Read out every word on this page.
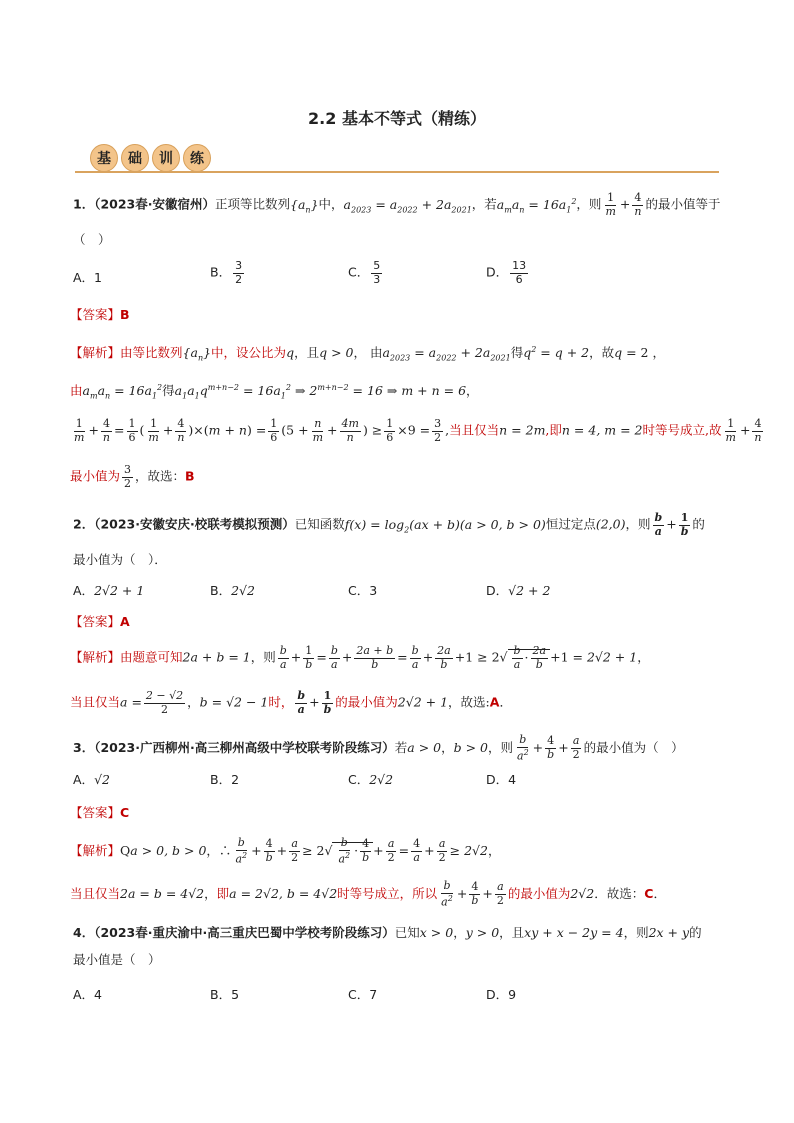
2.2 基本不等式（精练）
基	础	训	练
1．（2023春·安徽宿州）正项等比数列$\{a_n\}$中，$a_{2023} = a_{2022} + 2a_{2021}$，若$a_ma_n = 16a_1^2$，则 $\frac{1}{m} + \frac{4}{n}$ 的最小值等于
（　）
A．1	B． $\frac{3}{2}$	C． $\frac{5}{3}$	D． $\frac{13}{6}$
【答案】B
【解析】由等比数列$\{a_n\}$中，设公比为q，且q > 0， 由$a_{2023} = a_{2022} + 2a_{2021}$得$q^2 = q + 2$，故q = 2 ，
由$a_ma_n = 16a_1^2$得$a_1a_1q^{m+n-2} = 16a_1^2$ ⇒ $2^{m+n-2} = 16$ ⇒ m + n = 6，
$\frac{1}{m} + \frac{4}{n} = \frac{1}{6}$ ( $\frac{1}{m} + \frac{4}{n} )\times(m + n) = \frac{1}{6} (5 + \frac{n}{m} + \frac{4m}{n}$ ) ≥ $\frac{1}{6} \times 9 = \frac{3}{2}$ ,当且仅当n = 2m,即n = 4, m = 2时等号成立,故 $\frac{1}{m} + \frac{4}{n}$
最小值为 $\frac{3}{2}$ ，故选：B
2．（2023·安徽安庆·校联考模拟预测）已知函数$f(x) = \log_2(ax + b)(a > 0$, b > 0)恒过定点(2,0)，则 $\frac{b}{a} + \frac{1}{b}$ 的
最小值为（　）．
A．2√2 + 1	B．2√2	C．3	D．√2 + 2
【答案】A
【解析】由题意可知2a + b = 1，则 $\frac{b}{a} + \frac{1}{b} = \frac{b}{a} + \frac{2a + b}{b} = \frac{b}{a} + \frac{2a}{b} +1 \ge 2√ \frac{b}{a} \cdot \frac{2a}{b} +1 = 2√2 + 1$，
当且仅当$a = \frac{2 - √2}{2}$ ，b = √2 − 1时， $\frac{b}{a} + \frac{1}{b}$ 的最小值为2√2 + 1，故选:A．
3．（2023·广西柳州·高三柳州高级中学校联考阶段练习）若a > 0，b > 0，则 $\frac{b}{a^2} + \frac{4}{b} + \frac{a}{2}$ 的最小值为（　）
A．√2	B．2	C．2√2	D．4
【答案】C
【解析】Qa > 0, b > 0，∴ $\frac{b}{a^2} + \frac{4}{b} + \frac{a}{2} \ge 2√ \frac{b}{a^2} \cdot \frac{4}{b} + \frac{a}{2} = \frac{4}{a} + \frac{a}{2} \ge 2√2$，
当且仅当2a = b = 4√2，即a = 2√2, b = 4√2时等号成立，所以 $\frac{b}{a^2} + \frac{4}{b} + \frac{a}{2}$ 的最小值为2√2．故选：C．
4．（2023春·重庆渝中·高三重庆巴蜀中学校考阶段练习）已知x > 0，y > 0，且xy + x − 2y = 4，则2x + y的
最小值是（　）
A．4	B．5	C．7	D．9
